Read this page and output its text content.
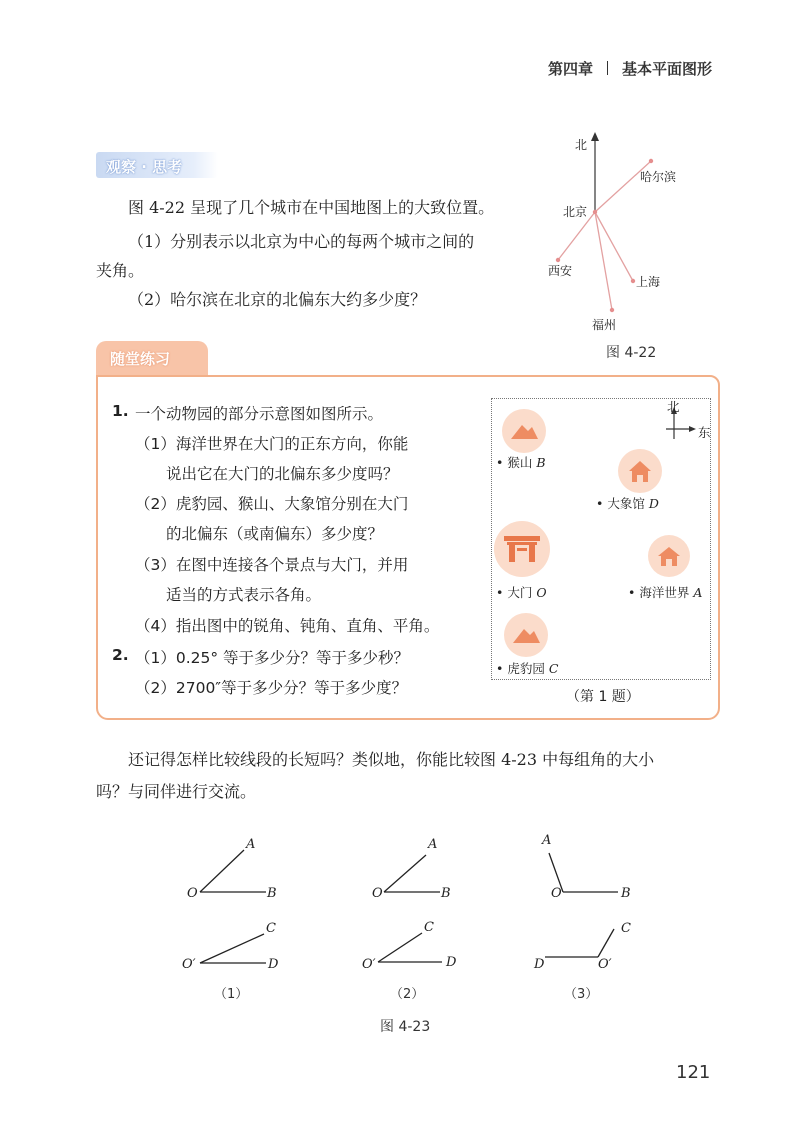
第四章 基本平面图形
观察 · 思考
图 4-22 呈现了几个城市在中国地图上的大致位置。
（1）分别表示以北京为中心的每两个城市之间的
夹角。
（2）哈尔滨在北京的北偏东大约多少度？
北
哈尔滨
北京
西安
上海
福州
图 4-22
随堂练习
1. 一个动物园的部分示意图如图所示。
（1）海洋世界在大门的正东方向，你能
说出它在大门的北偏东多少度吗？
（2）虎豹园、猴山、大象馆分别在大门
的北偏东（或南偏东）多少度？
（3）在图中连接各个景点与大门，并用
适当的方式表示各角。
（4）指出图中的锐角、钝角、直角、平角。
2. （1）0.25° 等于多少分？等于多少秒？
（2）2700″等于多少分？等于多少度？
北
东
• 猴山 B
• 大象馆 D
• 大门 O	• 海洋世界 A
• 虎豹园 C
（第 1 题）
还记得怎样比较线段的长短吗？类似地，你能比较图 4-23 中每组角的大小
吗？与同伴进行交流。
A
O	B
C
O′	D
A
O	B
C
O′	D
A
O	B
C
D	O′
（1）	（2）	（3）
图 4-23
121
